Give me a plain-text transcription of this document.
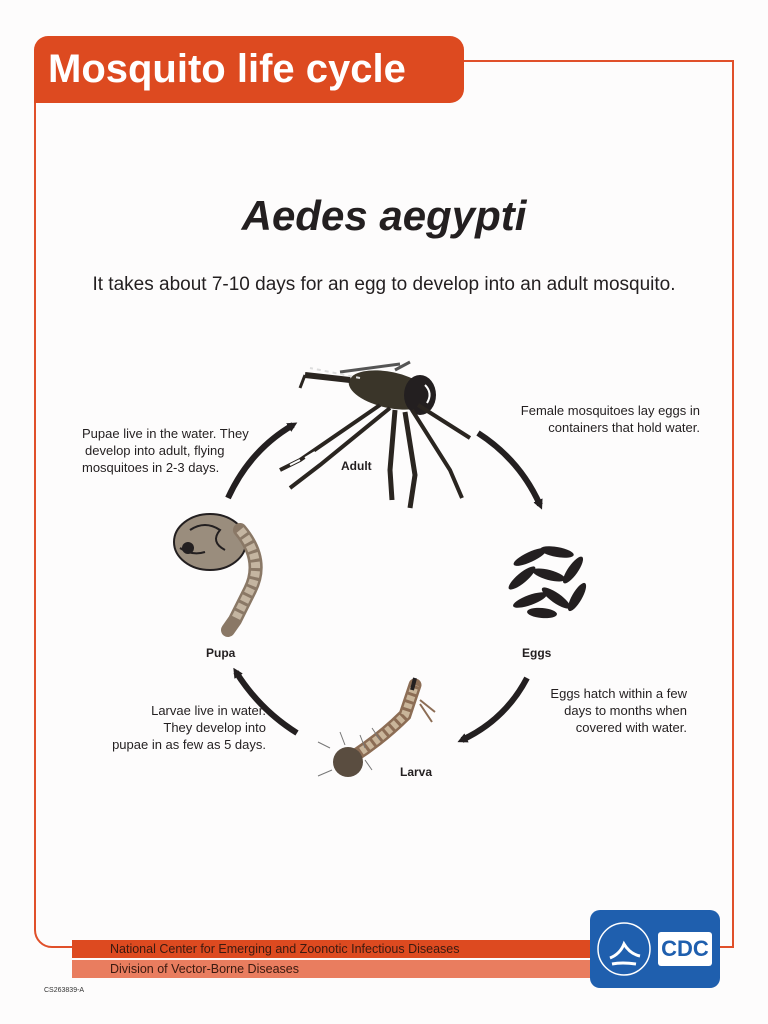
Mosquito life cycle
Aedes aegypti
It takes about 7-10 days for an egg to develop into an adult mosquito.
Adult
Eggs
Larva
Pupa
Pupae live in the water. They
develop into adult, flying
mosquitoes in 2-3 days.
Female mosquitoes lay eggs in
containers that hold water.
Eggs hatch within a few
days to months when
covered with water.
Larvae live in water.
They develop into
pupae in as few as 5 days.
National Center for Emerging and Zoonotic Infectious Diseases
Division of Vector-Borne Diseases
CDC
CS263839-A
